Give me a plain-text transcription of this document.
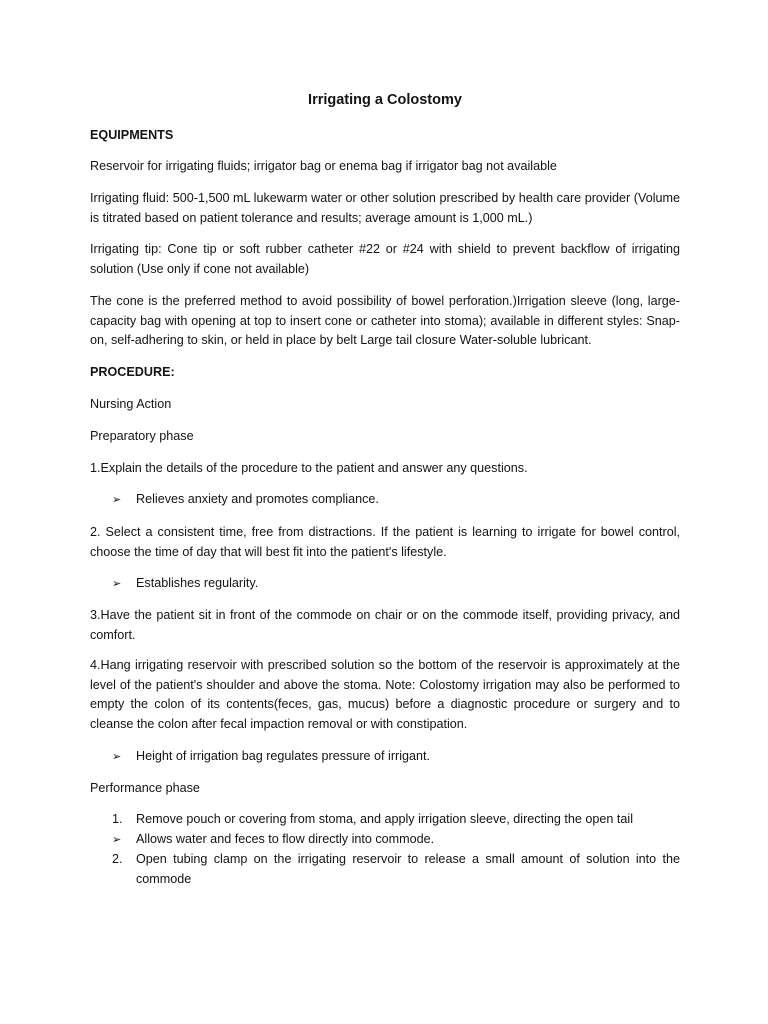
Irrigating a Colostomy
EQUIPMENTS
Reservoir for irrigating fluids; irrigator bag or enema bag if irrigator bag not available
Irrigating fluid: 500-1,500 mL lukewarm water or other solution prescribed by health care provider (Volume is titrated based on patient tolerance and results; average amount is 1,000 mL.)
Irrigating tip: Cone tip or soft rubber catheter #22 or #24 with shield to prevent backflow of irrigating solution (Use only if cone not available)
The cone is the preferred method to avoid possibility of bowel perforation.)Irrigation sleeve (long, large-capacity bag with opening at top to insert cone or catheter into stoma); available in different styles: Snap-on, self-adhering to skin, or held in place by belt Large tail closure Water-soluble lubricant.
PROCEDURE:
Nursing Action
Preparatory phase
1.Explain the details of the procedure to the patient and answer any questions.
➢ Relieves anxiety and promotes compliance.
2. Select a consistent time, free from distractions. If the patient is learning to irrigate for bowel control, choose the time of day that will best fit into the patient's lifestyle.
➢ Establishes regularity.
3.Have the patient sit in front of the commode on chair or on the commode itself, providing privacy, and comfort.
4.Hang irrigating reservoir with prescribed solution so the bottom of the reservoir is approximately at the level of the patient's shoulder and above the stoma. Note: Colostomy irrigation may also be performed to empty the colon of its contents(feces, gas, mucus) before a diagnostic procedure or surgery and to cleanse the colon after fecal impaction removal or with constipation.
➢ Height of irrigation bag regulates pressure of irrigant.
Performance phase
1. Remove pouch or covering from stoma, and apply irrigation sleeve, directing the open tail
➢ Allows water and feces to flow directly into commode.
2. Open tubing clamp on the irrigating reservoir to release a small amount of solution into the commode
